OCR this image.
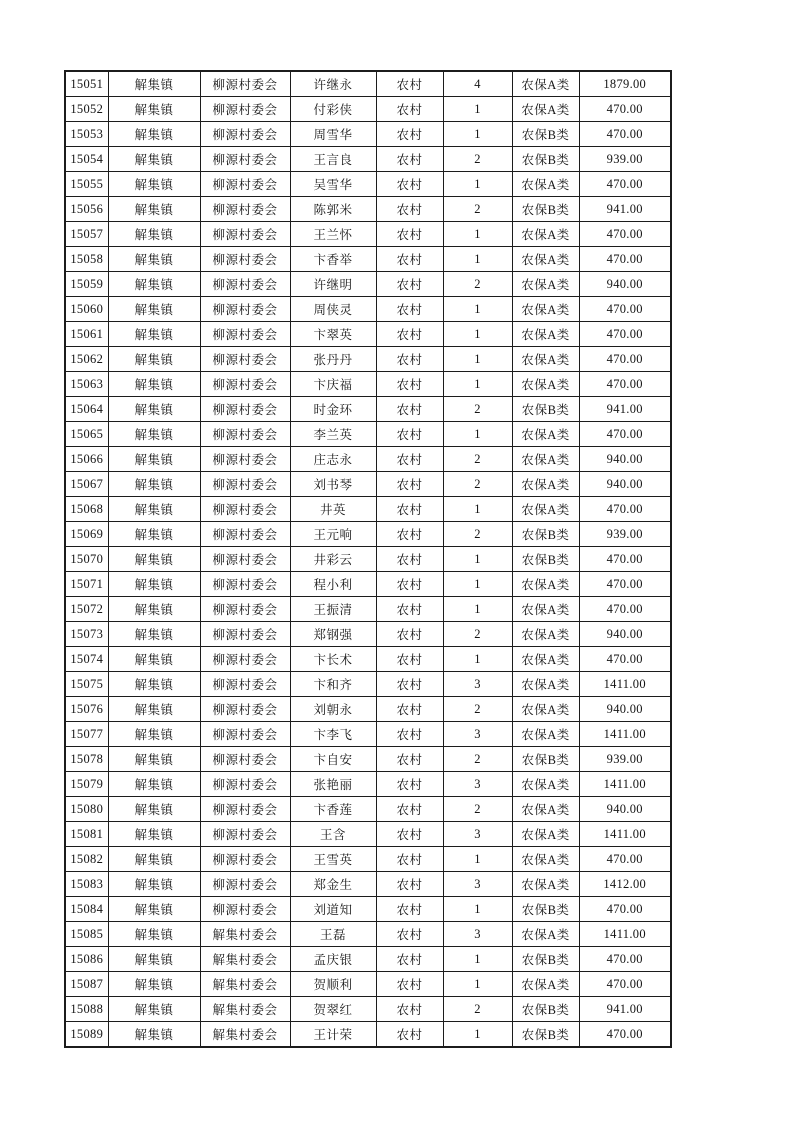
15051	解集镇	柳源村委会	许继永	农村	4	农保A类	1879.00
15052	解集镇	柳源村委会	付彩侠	农村	1	农保A类	470.00
15053	解集镇	柳源村委会	周雪华	农村	1	农保B类	470.00
15054	解集镇	柳源村委会	王言良	农村	2	农保B类	939.00
15055	解集镇	柳源村委会	吴雪华	农村	1	农保A类	470.00
15056	解集镇	柳源村委会	陈郭米	农村	2	农保B类	941.00
15057	解集镇	柳源村委会	王兰怀	农村	1	农保A类	470.00
15058	解集镇	柳源村委会	卞香举	农村	1	农保A类	470.00
15059	解集镇	柳源村委会	许继明	农村	2	农保A类	940.00
15060	解集镇	柳源村委会	周侠灵	农村	1	农保A类	470.00
15061	解集镇	柳源村委会	卞翠英	农村	1	农保A类	470.00
15062	解集镇	柳源村委会	张丹丹	农村	1	农保A类	470.00
15063	解集镇	柳源村委会	卞庆福	农村	1	农保A类	470.00
15064	解集镇	柳源村委会	时金环	农村	2	农保B类	941.00
15065	解集镇	柳源村委会	李兰英	农村	1	农保A类	470.00
15066	解集镇	柳源村委会	庄志永	农村	2	农保A类	940.00
15067	解集镇	柳源村委会	刘书琴	农村	2	农保A类	940.00
15068	解集镇	柳源村委会	井英	农村	1	农保A类	470.00
15069	解集镇	柳源村委会	王元响	农村	2	农保B类	939.00
15070	解集镇	柳源村委会	井彩云	农村	1	农保B类	470.00
15071	解集镇	柳源村委会	程小利	农村	1	农保A类	470.00
15072	解集镇	柳源村委会	王振清	农村	1	农保A类	470.00
15073	解集镇	柳源村委会	郑钢强	农村	2	农保A类	940.00
15074	解集镇	柳源村委会	卞长术	农村	1	农保A类	470.00
15075	解集镇	柳源村委会	卞和齐	农村	3	农保A类	1411.00
15076	解集镇	柳源村委会	刘朝永	农村	2	农保A类	940.00
15077	解集镇	柳源村委会	卞李飞	农村	3	农保A类	1411.00
15078	解集镇	柳源村委会	卞自安	农村	2	农保B类	939.00
15079	解集镇	柳源村委会	张艳丽	农村	3	农保A类	1411.00
15080	解集镇	柳源村委会	卞香莲	农村	2	农保A类	940.00
15081	解集镇	柳源村委会	王含	农村	3	农保A类	1411.00
15082	解集镇	柳源村委会	王雪英	农村	1	农保A类	470.00
15083	解集镇	柳源村委会	郑金生	农村	3	农保A类	1412.00
15084	解集镇	柳源村委会	刘道知	农村	1	农保B类	470.00
15085	解集镇	解集村委会	王磊	农村	3	农保A类	1411.00
15086	解集镇	解集村委会	孟庆银	农村	1	农保B类	470.00
15087	解集镇	解集村委会	贺顺利	农村	1	农保A类	470.00
15088	解集镇	解集村委会	贺翠红	农村	2	农保B类	941.00
15089	解集镇	解集村委会	王计荣	农村	1	农保B类	470.00
